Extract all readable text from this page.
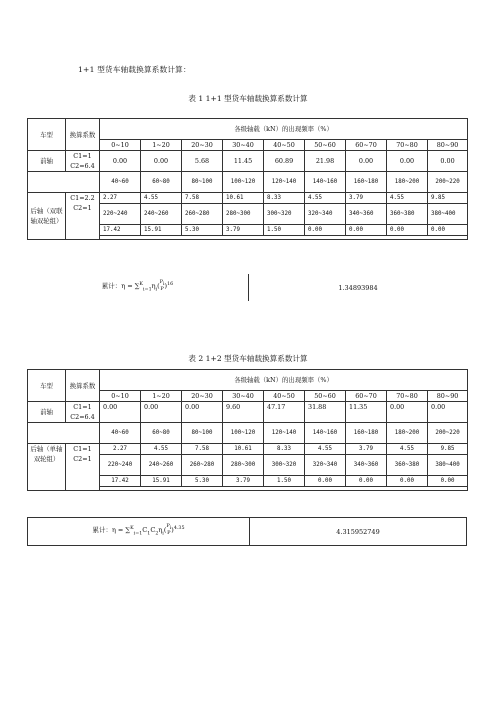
1+1 型货车轴载换算系数计算：
表 1 1+1 型货车轴载换算系数计算
车型	换算系数	各级轴载（kN）的出现频率（%）								
		0~10	1~20	20~30	30~40	40~50	50~60	60~70	70~80	80~90
前轴	C1=1 C2=6.4	0.00	0.00	5.68	11.45	60.89	21.98	0.00	0.00	0.00
		40~60	60~80	80~100	100~120	120~140	140~160	160~180	180~200	200~220
后轴（双联轴双轮组）	C1=2.2 C2=1	2.27	4.55	7.58	10.61	8.33	4.55	3.79	4.55	9.85
		220~240	240~260	260~280	280~300	300~320	320~340	340~360	360~380	380~400
		17.42	15.91	5.30	3.79	1.50	0.00	0.00	0.00	0.00

累计：$\eta = \sum^K_{i=1}\eta_i$( $P_i$
P )$^{16}$	1.34893984
表 2 1+2 型货车轴载换算系数计算
车型	换算系数	各级轴载（kN）的出现频率（%）								
		0~10	1~20	20~30	30~40	40~50	50~60	60~70	70~80	80~90
前轴	C1=1 C2=6.4	0.00	0.00	0.00	9.60	47.17	31.88	11.35	0.00	0.00
		40~60	60~80	80~100	100~120	120~140	140~160	160~180	180~200	200~220
后轴（单轴双轮组）	C1=1 C2=1	2.27	4.55	7.58	10.61	8.33	4.55	3.79	4.55	9.85
		220~240	240~260	260~280	280~300	300~320	320~340	340~360	360~380	380~400
		17.42	15.91	5.30	3.79	1.50	0.00	0.00	0.00	0.00

累计：$\eta = \sum^K_{i=1}C_1C_2\eta_i$( $P_i$
P )$^{4.35}$	4.315952749
